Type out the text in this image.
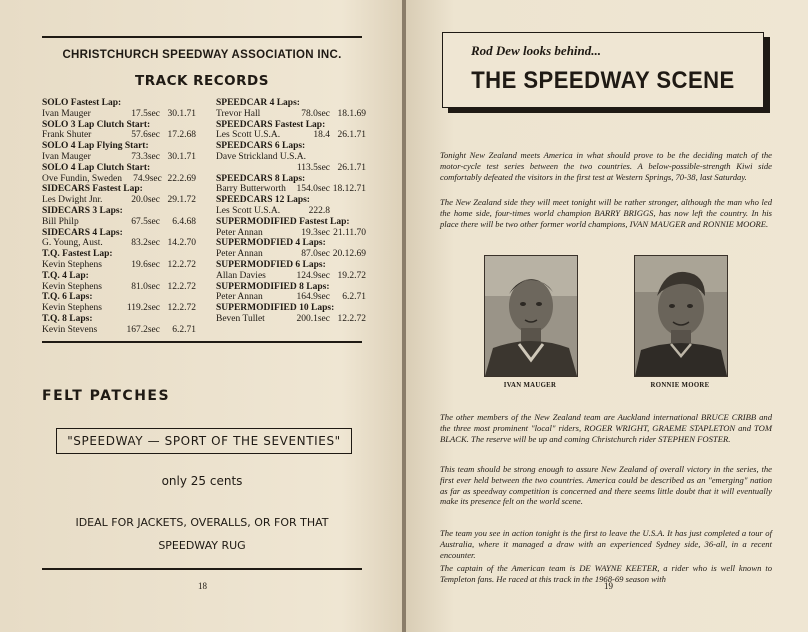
CHRISTCHURCH SPEEDWAY ASSOCIATION INC.
TRACK RECORDS
SOLO Fastest Lap:
Ivan Mauger	17.5sec 30.1.71
SOLO 3 Lap Clutch Start:
Frank Shuter	57.6sec 17.2.68
SOLO 4 Lap Flying Start:
Ivan Mauger	73.3sec 30.1.71
SOLO 4 Lap Clutch Start:
Ove Fundin, Sweden	74.9sec 22.2.69
SIDECARS Fastest Lap:
Les Dwight Jnr.	20.0sec 29.1.72
SIDECARS 3 Laps:
Bill Philp	67.5sec	6.4.68
SIDECARS 4 Laps:
G. Young, Aust.	83.2sec 14.2.70
T.Q. Fastest Lap:
Kevin Stephens	19.6sec 12.2.72
T.Q. 4 Lap:
Kevin Stephens	81.0sec 12.2.72
T.Q. 6 Laps:
Kevin Stephens	119.2sec 12.2.72
T.Q. 8 Laps:
Kevin Stevens	167.2sec	6.2.71
SPEEDCAR 4 Laps:
Trevor Hall	78.0sec 18.1.69
SPEEDCARS Fastest Lap:
Les Scott U.S.A.	18.4 26.1.71
SPEEDCARS 6 Laps:
Dave Strickland U.S.A.
113.5sec 26.1.71
SPEEDCARS 8 Laps:
Barry Butterworth	154.0sec 18.12.71
SPEEDCARS 12 Laps:
Les Scott U.S.A.	222.8
SUPERMODIFIED Fastest Lap:
Peter Annan	19.3sec 21.11.70
SUPERMODFIED 4 Laps:
Peter Annan	87.0sec 20.12.69
SUPERMODFIED 6 Laps:
Allan Davies	124.9sec 19.2.72
SUPERMODIFIED 8 Laps:
Peter Annan	164.9sec	6.2.71
SUPERMODIFIED 10 Laps:
Beven Tullet	200.1sec 12.2.72
FELT PATCHES
"SPEEDWAY — SPORT OF THE SEVENTIES"
only 25 cents
IDEAL FOR JACKETS, OVERALLS, OR FOR THAT
SPEEDWAY RUG
18
Rod Dew looks behind...
THE SPEEDWAY SCENE
Tonight New Zealand meets America in what should prove to be the deciding match of the motor-cycle test series between the two countries. A below-possible-strength Kiwi side comfortably defeated the visitors in the first test at Western Springs, 70-38, last Saturday.
The New Zealand side they will meet tonight will be rather stronger, although the man who led the home side, four-times world champion BARRY BRIGGS, has now left the country. In his place there will be two other former world champions, IVAN MAUGER and RONNIE MOORE.
IVAN MAUGER	RONNIE MOORE
The other members of the New Zealand team are Auckland international BRUCE CRIBB and the three most prominent "local" riders, ROGER WRIGHT, GRAEME STAPLETON and TOM BLACK. The reserve will be up and coming Christchurch rider STEPHEN FOSTER.
This team should be strong enough to assure New Zealand of overall victory in the series, the first ever held between the two countries. America could be described as an "emerging" nation as far as speedway competition is concerned and there seems little doubt that it will eventually make its presence felt on the world scene.
The team you see in action tonight is the first to leave the U.S.A. It has just completed a tour of Australia, where it managed a draw with an experienced Sydney side, 36-all, in a recent encounter.
The captain of the American team is DE WAYNE KEETER, a rider who is well known to Templeton fans. He raced at this track in the 1968-69 season with
19
